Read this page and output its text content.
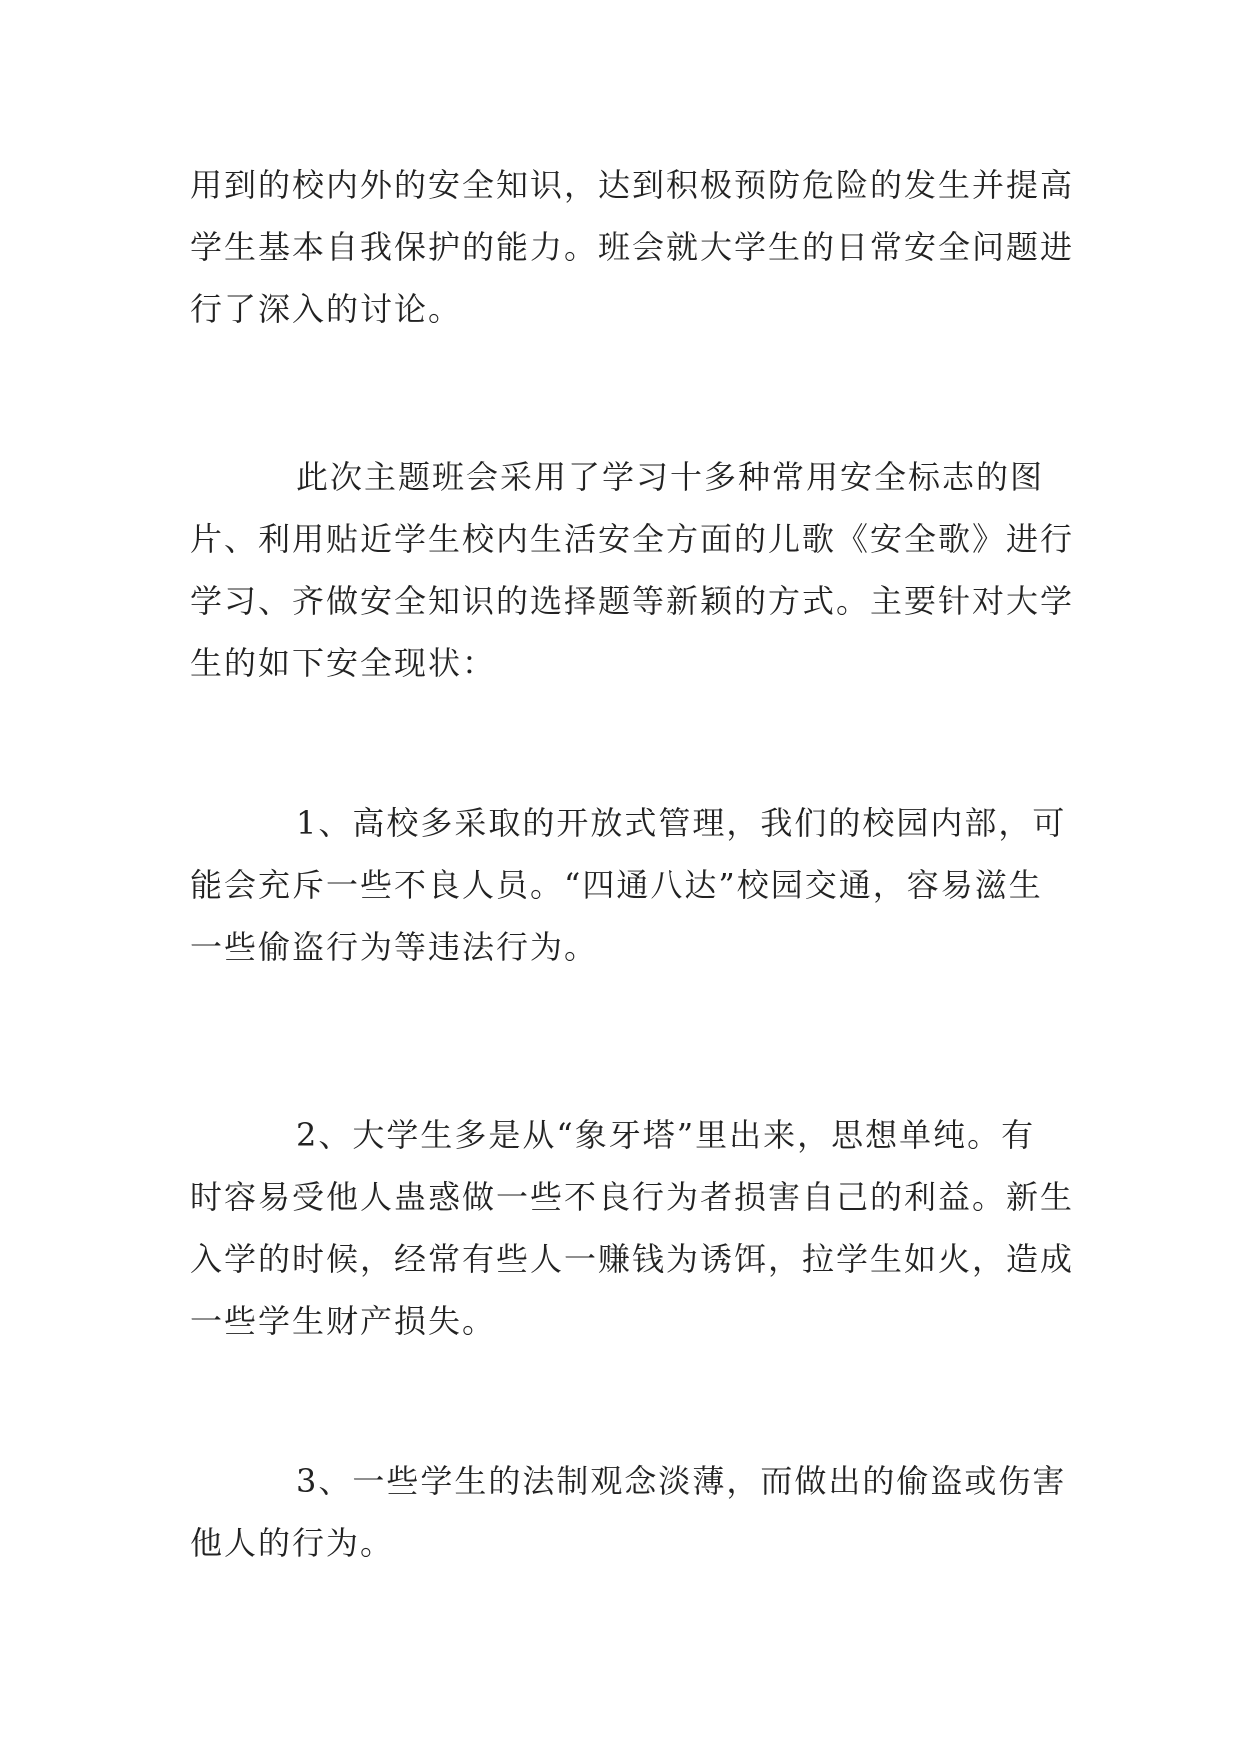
用到的校内外的安全知识，达到积极预防危险的发生并提高
学生基本自我保护的能力。班会就大学生的日常安全问题进
行了深入的讨论。
此次主题班会采用了学习十多种常用安全标志的图
片、利用贴近学生校内生活安全方面的儿歌《安全歌》进行
学习、齐做安全知识的选择题等新颖的方式。主要针对大学
生的如下安全现状：
1、高校多采取的开放式管理，我们的校园内部，可
能会充斥一些不良人员。“四通八达”校园交通，容易滋生
一些偷盗行为等违法行为。
2、大学生多是从“象牙塔”里出来，思想单纯。有
时容易受他人蛊惑做一些不良行为者损害自己的利益。新生
入学的时候，经常有些人一赚钱为诱饵，拉学生如火，造成
一些学生财产损失。
3、一些学生的法制观念淡薄，而做出的偷盗或伤害
他人的行为。
